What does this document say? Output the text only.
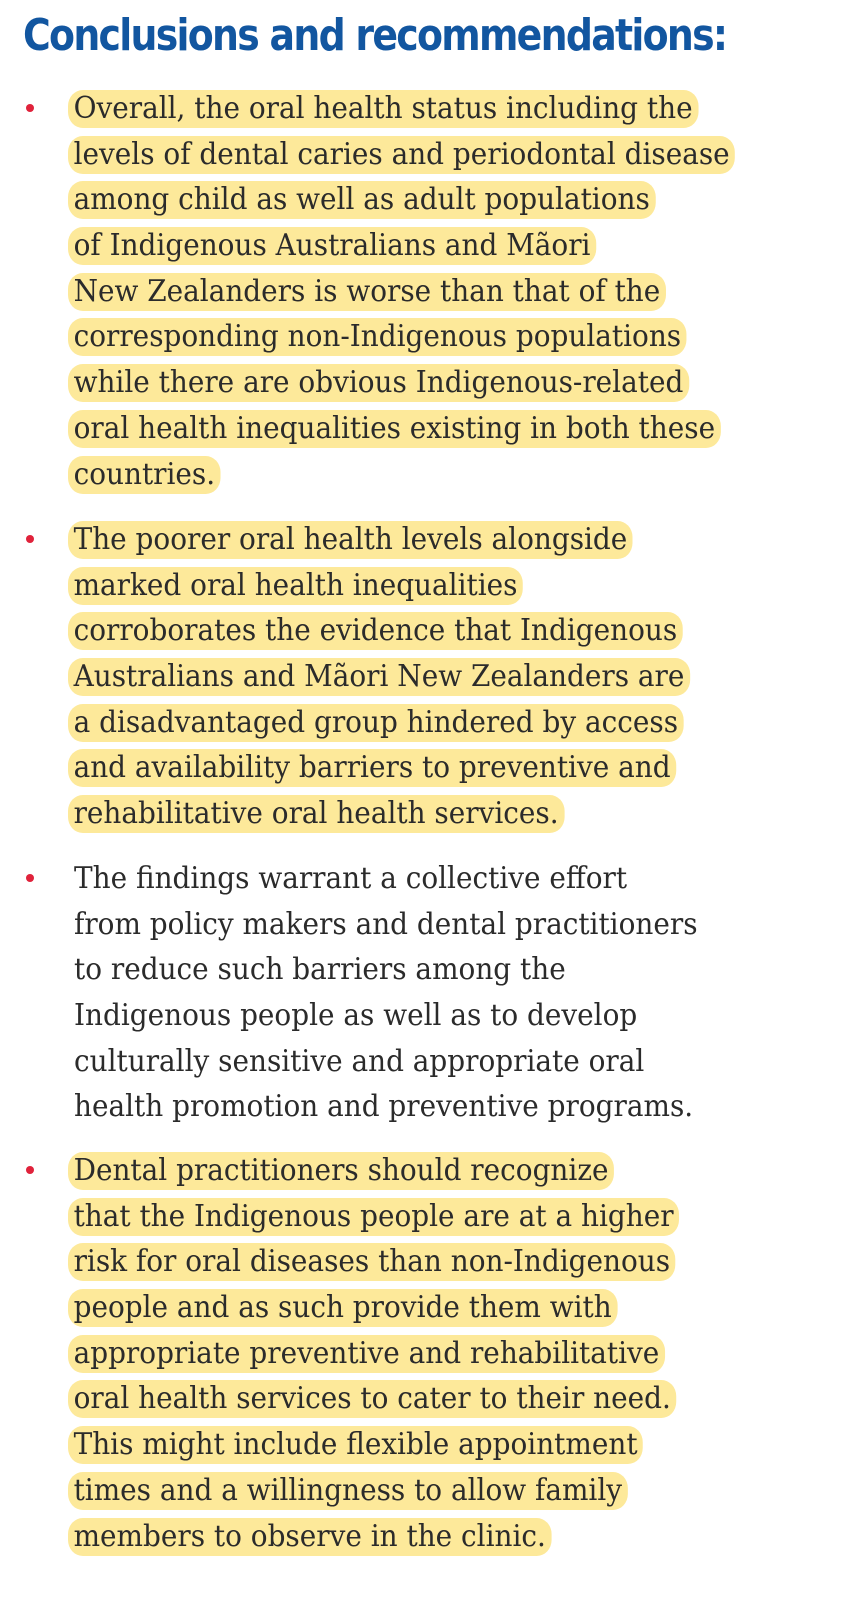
Conclusions and recommendations:
Overall, the oral health status including the
levels of dental caries and periodontal disease
among child as well as adult populations
of Indigenous Australians and Mãori
New Zealanders is worse than that of the
corresponding non-Indigenous populations
while there are obvious Indigenous-related
oral health inequalities existing in both these
countries.
The poorer oral health levels alongside
marked oral health inequalities
corroborates the evidence that Indigenous
Australians and Mãori New Zealanders are
a disadvantaged group hindered by access
and availability barriers to preventive and
rehabilitative oral health services.
The findings warrant a collective effort
from policy makers and dental practitioners
to reduce such barriers among the
Indigenous people as well as to develop
culturally sensitive and appropriate oral
health promotion and preventive programs.
Dental practitioners should recognize
that the Indigenous people are at a higher
risk for oral diseases than non-Indigenous
people and as such provide them with
appropriate preventive and rehabilitative
oral health services to cater to their need.
This might include flexible appointment
times and a willingness to allow family
members to observe in the clinic.
